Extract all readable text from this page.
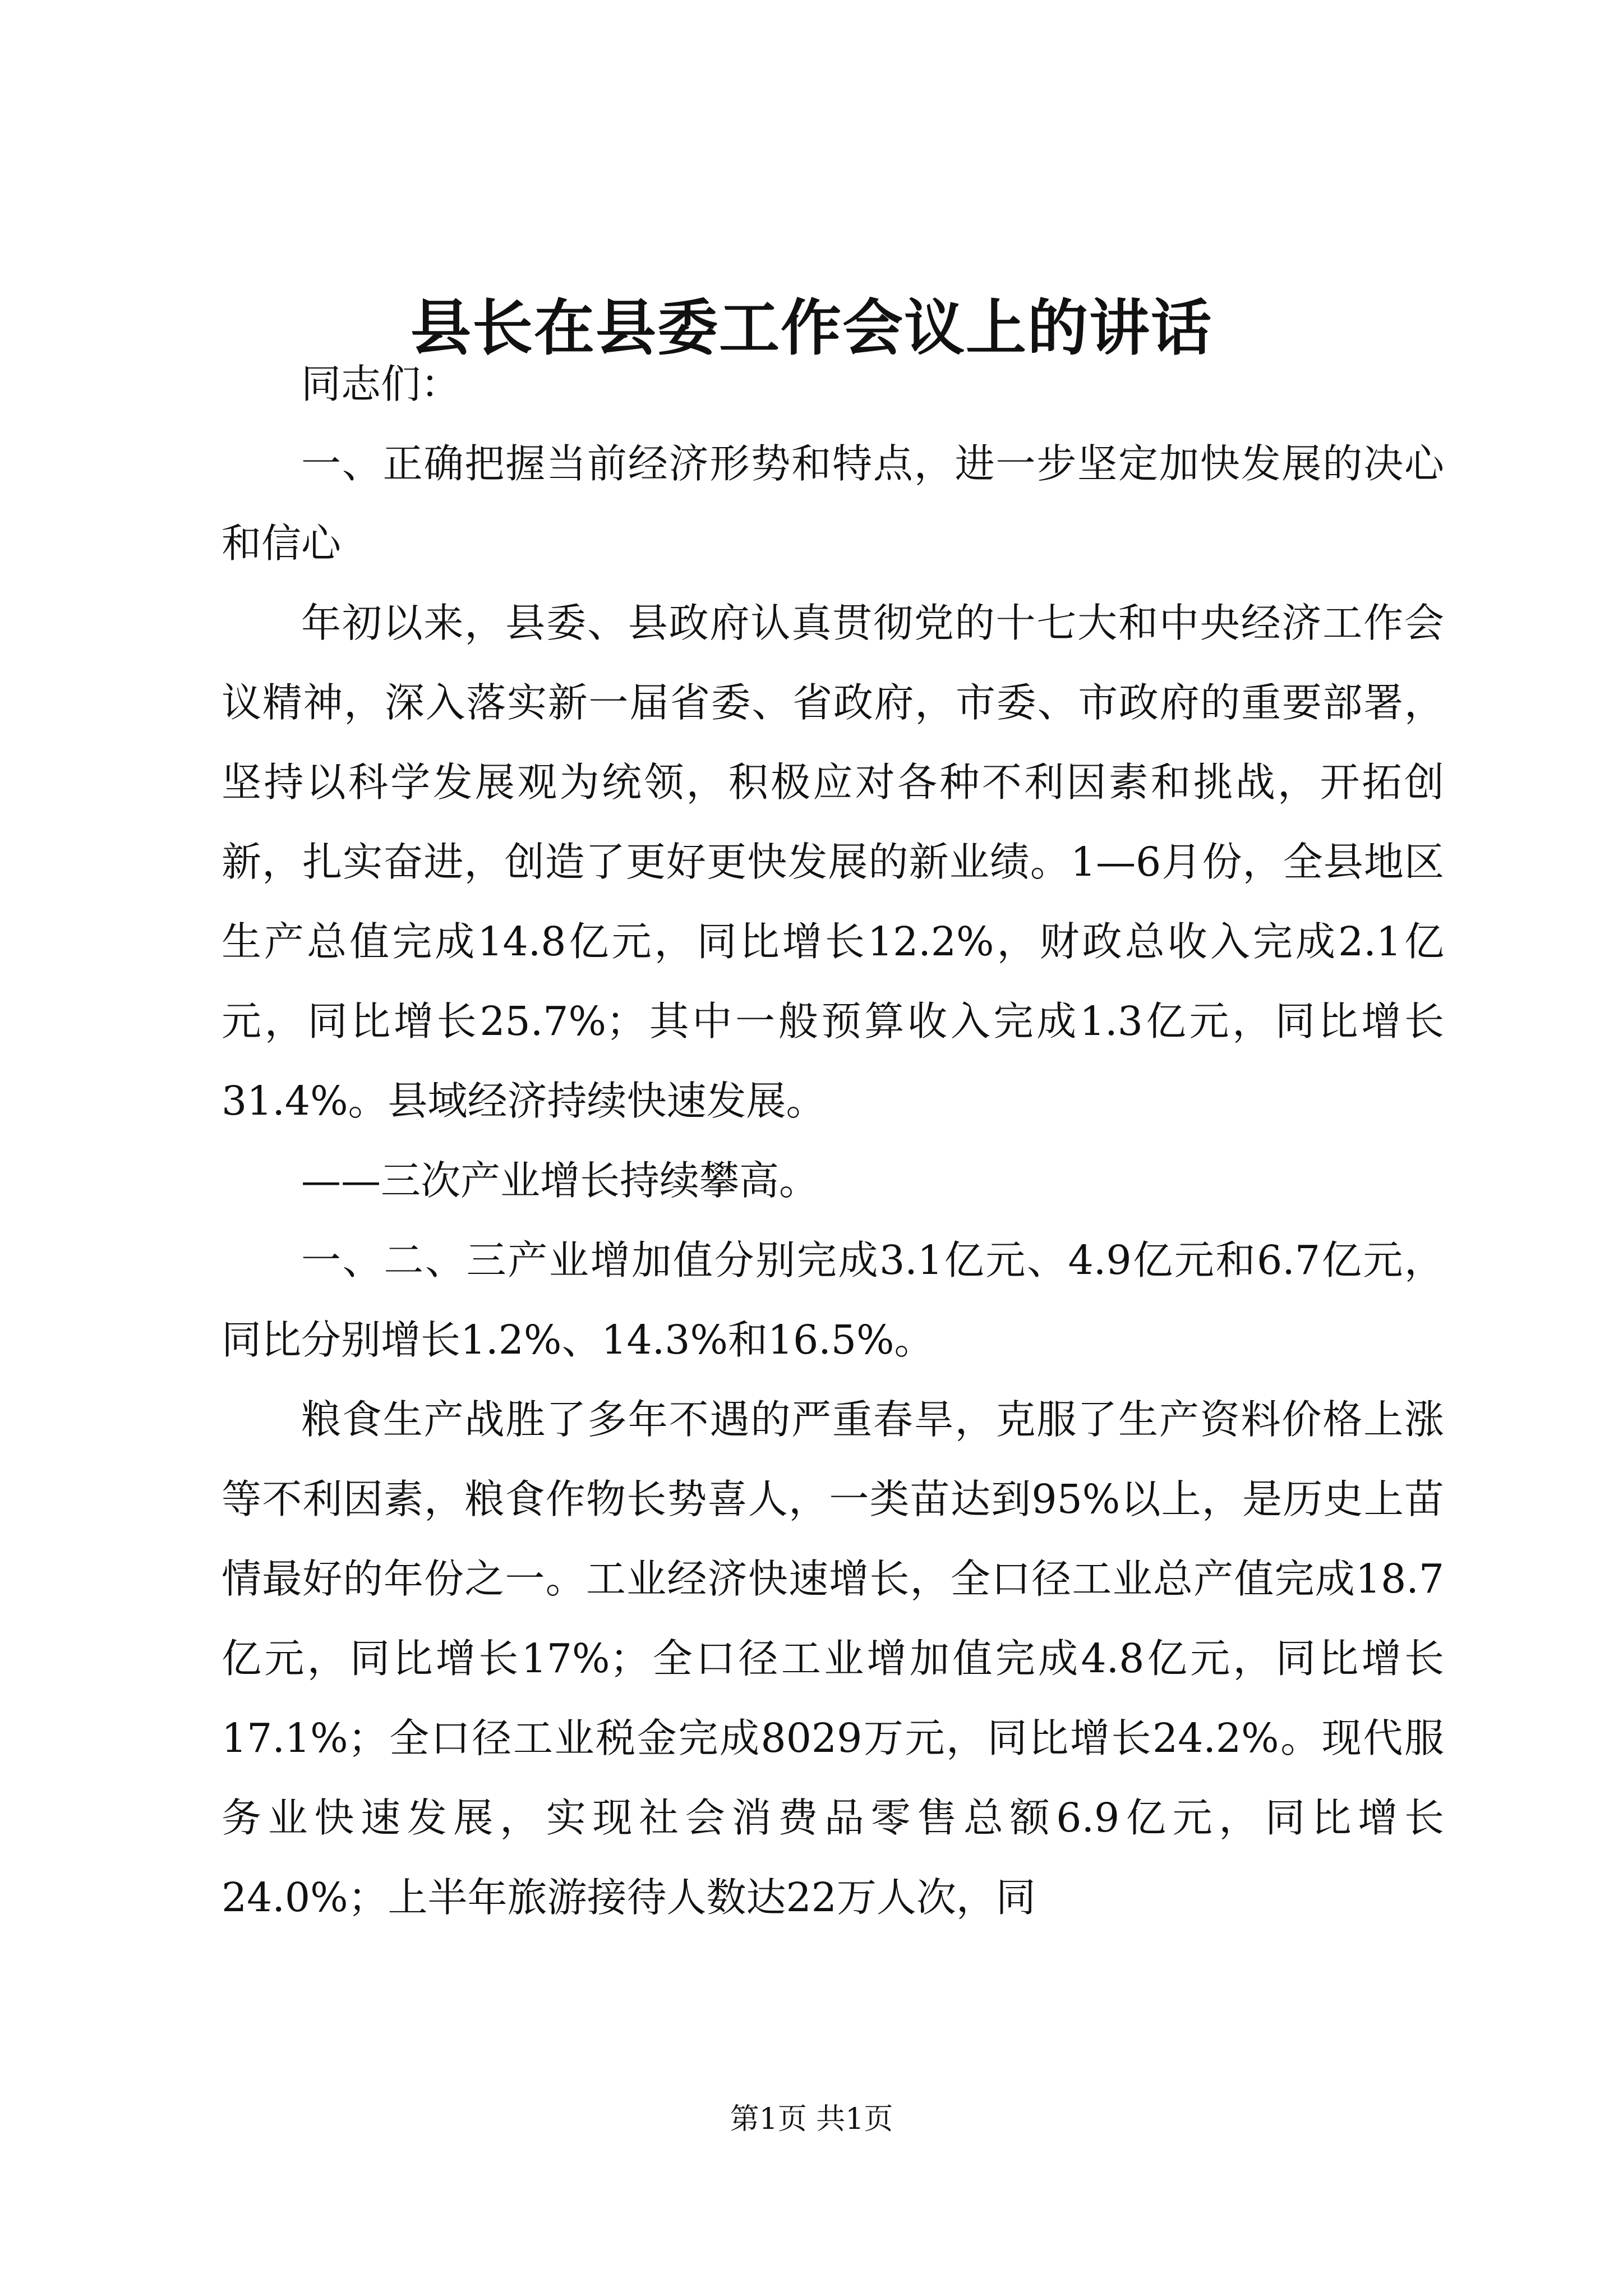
县长在县委工作会议上的讲话

同志们：

一、正确把握当前经济形势和特点，进一步坚定加快发展的决心和信心

年初以来，县委、县政府认真贯彻党的十七大和中央经济工作会议精神，深入落实新一届省委、省政府，市委、市政府的重要部署，坚持以科学发展观为统领，积极应对各种不利因素和挑战，开拓创新，扎实奋进，创造了更好更快发展的新业绩。1—6月份，全县地区生产总值完成14.8亿元，同比增长12.2%，财政总收入完成2.1亿元，同比增长25.7%；其中一般预算收入完成1.3亿元，同比增长31.4%。县域经济持续快速发展。

——三次产业增长持续攀高。

一、二、三产业增加值分别完成3.1亿元、4.9亿元和6.7亿元，同比分别增长1.2%、14.3%和16.5%。

粮食生产战胜了多年不遇的严重春旱，克服了生产资料价格上涨等不利因素，粮食作物长势喜人，一类苗达到95%以上，是历史上苗情最好的年份之一。工业经济快速增长，全口径工业总产值完成18.7亿元，同比增长17%；全口径工业增加值完成4.8亿元，同比增长17.1%；全口径工业税金完成8029万元，同比增长24.2%。现代服务业快速发展，实现社会消费品零售总额6.9亿元，同比增长24.0%；上半年旅游接待人数达22万人次，同

第1页 共1页
